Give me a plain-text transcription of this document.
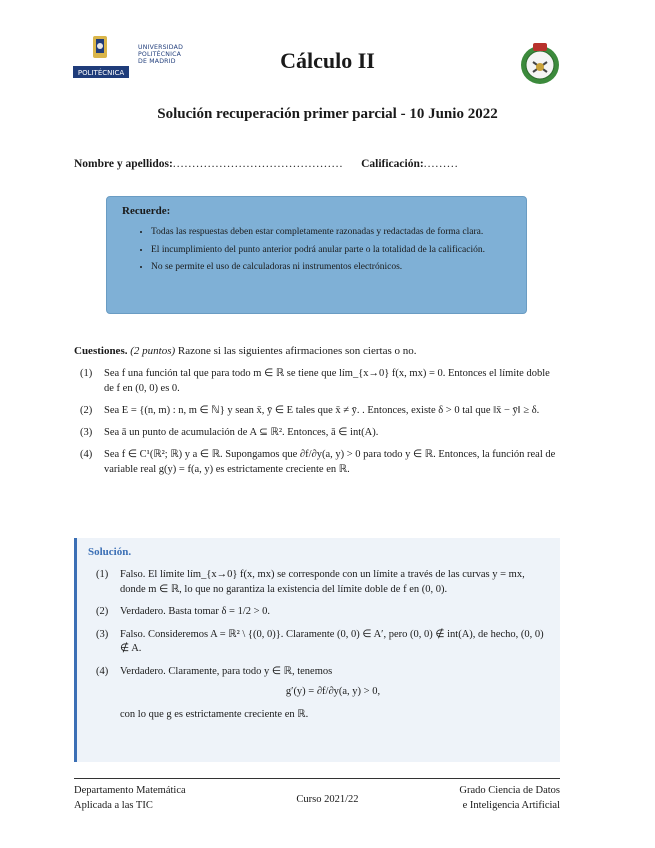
POLITÉCNICA
UNIVERSIDAD
POLITÉCNICA
DE MADRID	Cálculo II
Solución recuperación primer parcial - 10 Junio 2022
Nombre y apellidos:............................................ Calificación:.........
Recuerde:
• Todas las respuestas deben estar completamente razonadas y redactadas de forma clara.
• El incumplimiento del punto anterior podrá anular parte o la totalidad de la calificación.
• No se permite el uso de calculadoras ni instrumentos electrónicos.
Cuestiones. (2 puntos) Razone si las siguientes afirmaciones son ciertas o no.
(1) Sea f una función tal que para todo m ∈ ℝ se tiene que lím_{x→0} f(x, mx) = 0. Entonces el límite doble de f en (0, 0) es 0.
(2) Sea E = {(n, m) : n, m ∈ ℕ} y sean x̄, ȳ ∈ E tales que x̄ ≠ ȳ. . Entonces, existe δ > 0 tal que ‖x̄ − ȳ‖ ≥ δ.
(3) Sea ā un punto de acumulación de A ⊆ ℝ². Entonces, ā ∈ int(A).
(4) Sea f ∈ C¹(ℝ²; ℝ) y a ∈ ℝ. Supongamos que ∂f/∂y(a, y) > 0 para todo y ∈ ℝ. Entonces, la función real de variable real g(y) = f(a, y) es estrictamente creciente en ℝ.
Solución.
(1) Falso. El límite lím_{x→0} f(x, mx) se corresponde con un límite a través de las curvas y = mx, donde m ∈ ℝ, lo que no garantiza la existencia del límite doble de f en (0, 0).
(2) Verdadero. Basta tomar δ = 1/2 > 0.
(3) Falso. Consideremos A = ℝ² \ {(0, 0)}. Claramente (0, 0) ∈ A′, pero (0, 0) ∉ int(A), de hecho, (0, 0) ∉ A.
(4) Verdadero. Claramente, para todo y ∈ ℝ, tenemos
g′(y) = ∂f/∂y(a, y) > 0,
con lo que g es estrictamente creciente en ℝ.
Departamento Matemática
Aplicada a las TIC	Curso 2021/22
Grado Ciencia de Datos
e Inteligencia Artificial
